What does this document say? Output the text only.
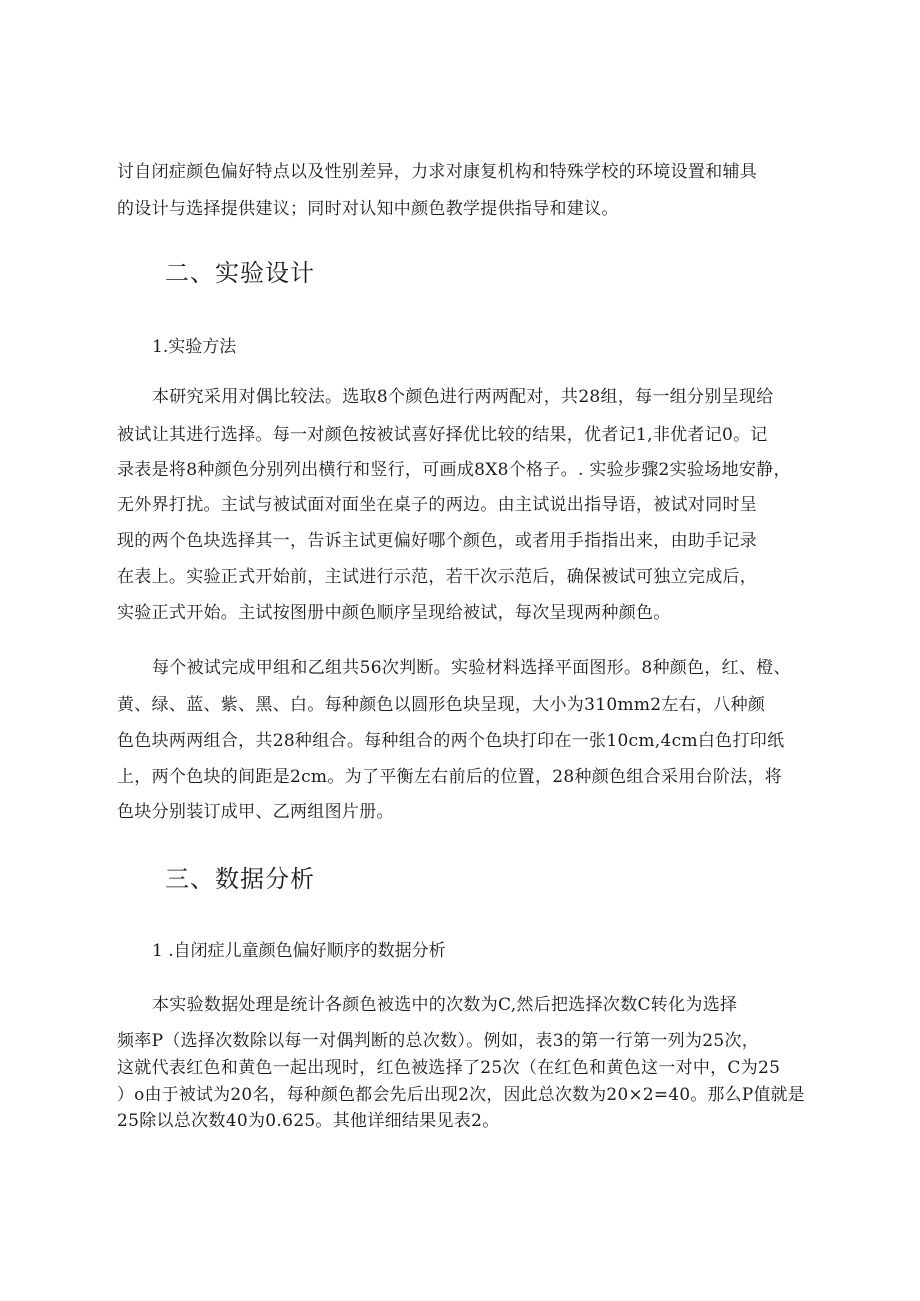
讨自闭症颜色偏好特点以及性别差异，力求对康复机构和特殊学校的环境设置和辅具
的设计与选择提供建议；同时对认知中颜色教学提供指导和建议。
二、实验设计
1.实验方法
本研究采用对偶比较法。选取8个颜色进行两两配对，共28组，每一组分别呈现给
被试让其进行选择。每一对颜色按被试喜好择优比较的结果，优者记1,非优者记0。记
录表是将8种颜色分别列出横行和竖行，可画成8X8个格子。. 实验步骤2实验场地安静，
无外界打扰。主试与被试面对面坐在桌子的两边。由主试说出指导语，被试对同时呈
现的两个色块选择其一，告诉主试更偏好哪个颜色，或者用手指指出来，由助手记录
在表上。实验正式开始前，主试进行示范，若干次示范后，确保被试可独立完成后，
实验正式开始。主试按图册中颜色顺序呈现给被试，每次呈现两种颜色。
每个被试完成甲组和乙组共56次判断。实验材料选择平面图形。8种颜色，红、橙、
黄、绿、蓝、紫、黑、白。每种颜色以圆形色块呈现，大小为310mm2左右，八种颜
色色块两两组合，共28种组合。每种组合的两个色块打印在一张10cm,4cm白色打印纸
上，两个色块的间距是2cm。为了平衡左右前后的位置，28种颜色组合采用台阶法，将
色块分别装订成甲、乙两组图片册。
三、数据分析
1 .自闭症儿童颜色偏好顺序的数据分析
本实验数据处理是统计各颜色被选中的次数为C,然后把选择次数C转化为选择
频率P（选择次数除以每一对偶判断的总次数）。例如，表3的第一行第一列为25次，
这就代表红色和黄色一起出现时，红色被选择了25次（在红色和黄色这一对中，C为25
）o由于被试为20名，每种颜色都会先后出现2次，因此总次数为20×2=40。那么P值就是
25除以总次数40为0.625。其他详细结果见表2。
